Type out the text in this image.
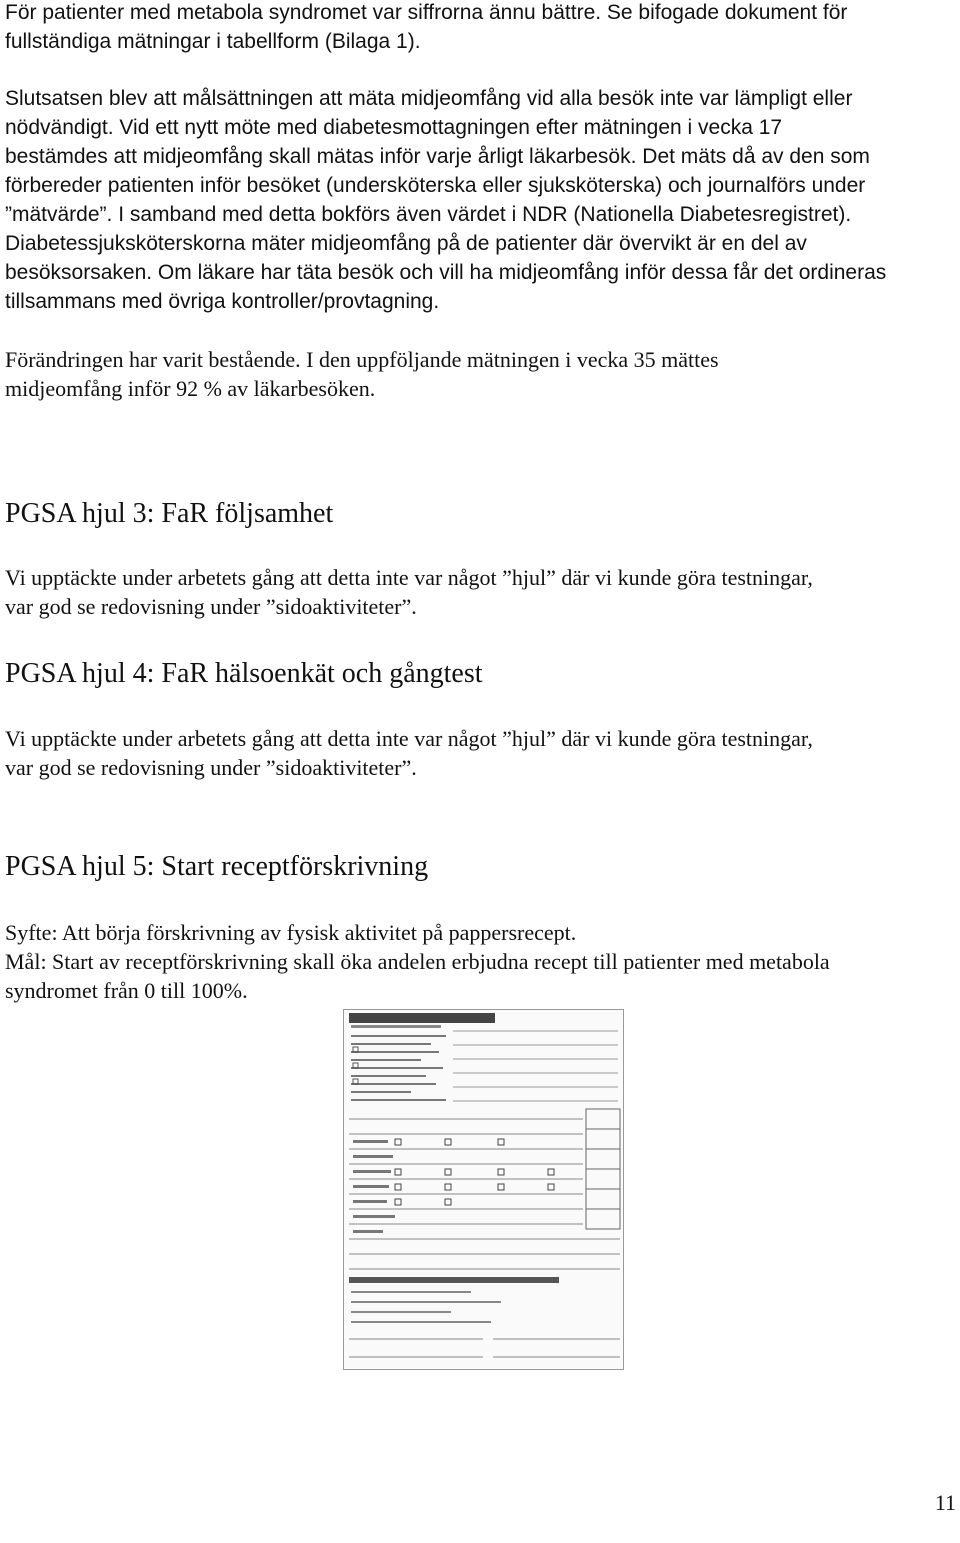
För patienter med metabola syndromet var siffrorna ännu bättre. Se bifogade dokument för
fullständiga mätningar i tabellform (Bilaga 1).
Slutsatsen blev att målsättningen att mäta midjeomfång vid alla besök inte var lämpligt eller
nödvändigt. Vid ett nytt möte med diabetesmottagningen efter mätningen i vecka 17
bestämdes att midjeomfång skall mätas inför varje årligt läkarbesök. Det mäts då av den som
förbereder patienten inför besöket (undersköterska eller sjuksköterska) och journalförs under
”mätvärde”. I samband med detta bokförs även värdet i NDR (Nationella Diabetesregistret).
Diabetessjuksköterskorna mäter midjeomfång på de patienter där övervikt är en del av
besöksorsaken. Om läkare har täta besök och vill ha midjeomfång inför dessa får det ordineras
tillsammans med övriga kontroller/provtagning.
Förändringen har varit bestående. I den uppföljande mätningen i vecka 35 mättes
midjeomfång inför 92 % av läkarbesöken.
PGSA hjul 3: FaR följsamhet
Vi upptäckte under arbetets gång att detta inte var något ”hjul” där vi kunde göra testningar,
var god se redovisning under ”sidoaktiviteter”.
PGSA hjul 4: FaR hälsoenkät och gångtest
Vi upptäckte under arbetets gång att detta inte var något ”hjul” där vi kunde göra testningar,
var god se redovisning under ”sidoaktiviteter”.
PGSA hjul 5: Start receptförskrivning
Syfte: Att börja förskrivning av fysisk aktivitet på pappersrecept.
Mål: Start av receptförskrivning skall öka andelen erbjudna recept till patienter med metabola
syndromet från 0 till 100%.
11
